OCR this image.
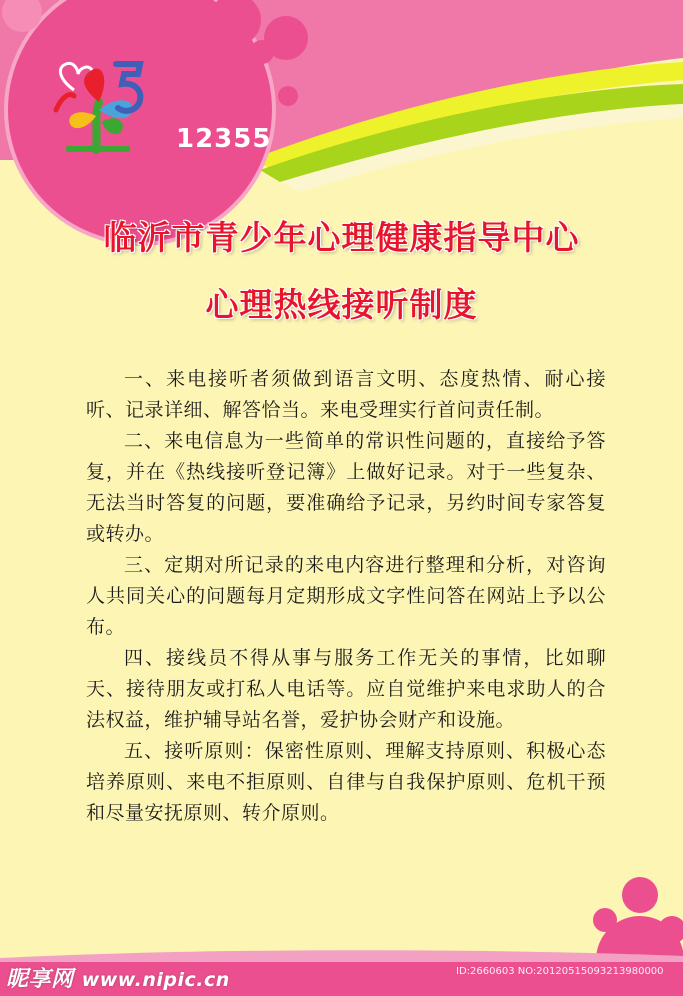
12355
临沂市青少年心理健康指导中心
心理热线接听制度

一、来电接听者须做到语言文明、态度热情、耐心接听、记录详细、解答恰当。来电受理实行首问责任制。

二、来电信息为一些简单的常识性问题的，直接给予答复，并在《热线接听登记簿》上做好记录。对于一些复杂、无法当时答复的问题，要准确给予记录，另约时间专家答复或转办。

三、定期对所记录的来电内容进行整理和分析，对咨询人共同关心的问题每月定期形成文字性问答在网站上予以公布。

四、接线员不得从事与服务工作无关的事情，比如聊天、接待朋友或打私人电话等。应自觉维护来电求助人的合法权益，维护辅导站名誉，爱护协会财产和设施。

五、接听原则：保密性原则、理解支持原则、积极心态培养原则、来电不拒原则、自律与自我保护原则、危机干预和尽量安抚原则、转介原则。

昵享网 www.nipic.cn	ID:2660603 NO:20120515093213980000
